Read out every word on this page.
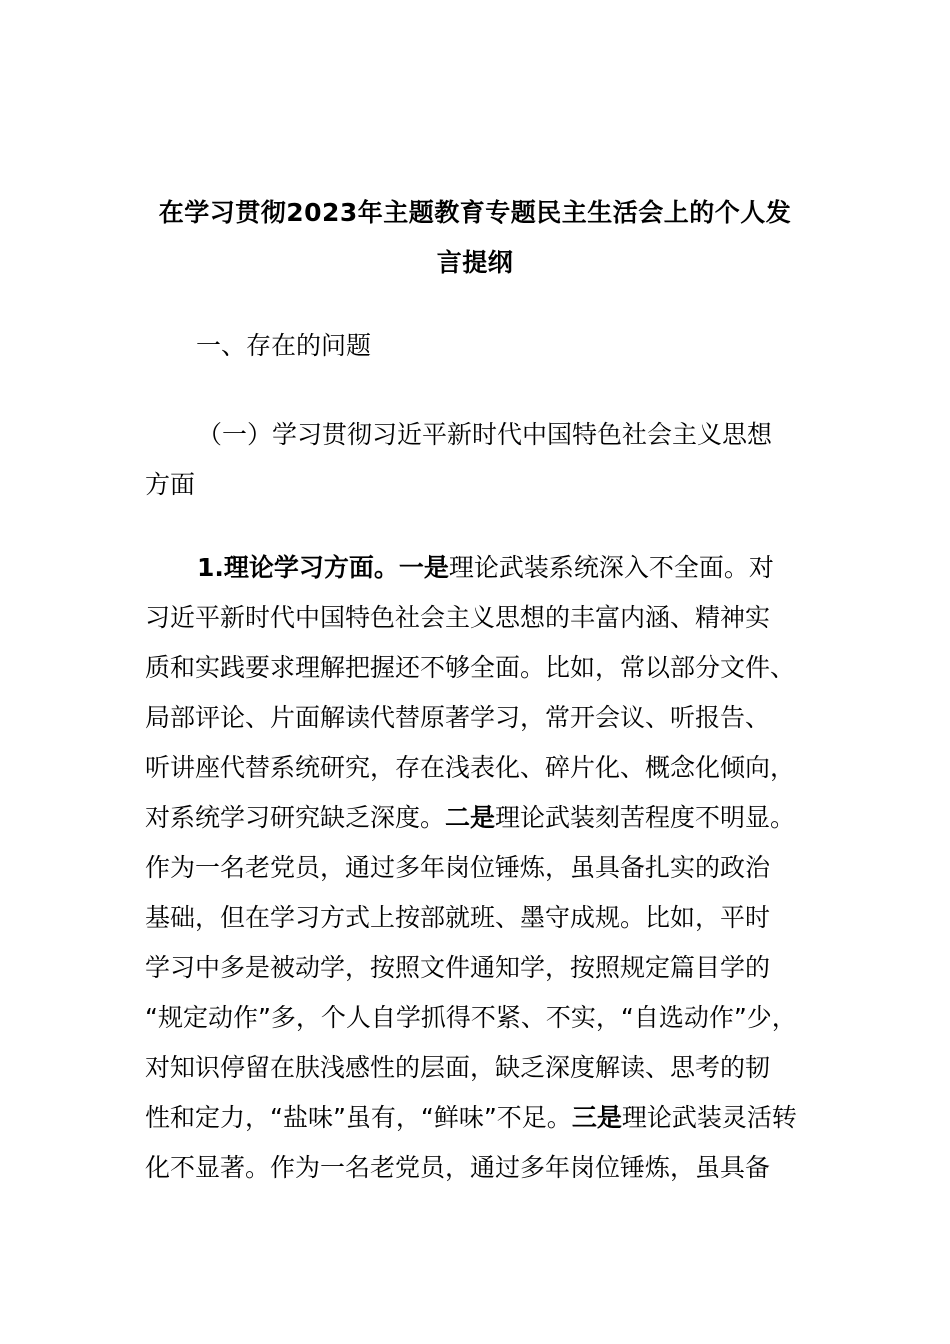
在学习贯彻2023年主题教育专题民主生活会上的个人发
言提纲
一、存在的问题
（一）学习贯彻习近平新时代中国特色社会主义思想
方面
1.理论学习方面。一是理论武装系统深入不全面。对
习近平新时代中国特色社会主义思想的丰富内涵、精神实
质和实践要求理解把握还不够全面。比如，常以部分文件、
局部评论、片面解读代替原著学习，常开会议、听报告、
听讲座代替系统研究，存在浅表化、碎片化、概念化倾向，
对系统学习研究缺乏深度。二是理论武装刻苦程度不明显。
作为一名老党员，通过多年岗位锤炼，虽具备扎实的政治
基础，但在学习方式上按部就班、墨守成规。比如，平时
学习中多是被动学，按照文件通知学，按照规定篇目学的
“规定动作”多，个人自学抓得不紧、不实，“自选动作”少，
对知识停留在肤浅感性的层面，缺乏深度解读、思考的韧
性和定力，“盐味”虽有，“鲜味”不足。三是理论武装灵活转
化不显著。作为一名老党员，通过多年岗位锤炼，虽具备
